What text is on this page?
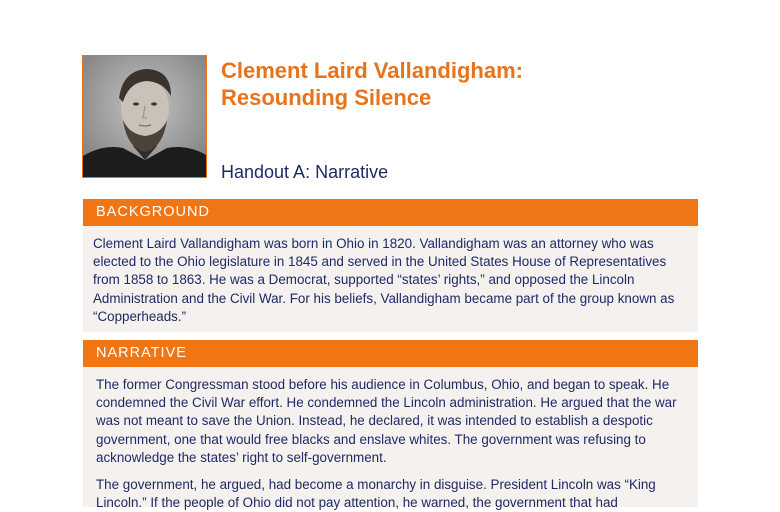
Clement Laird Vallandigham:
Resounding Silence
Handout A: Narrative
BACKGROUND

Clement Laird Vallandigham was born in Ohio in 1820. Vallandigham was an attorney who was elected to the Ohio legislature in 1845 and served in the United States House of Representatives from 1858 to 1863. He was a Democrat, supported “states’ rights,” and opposed the Lincoln Administration and the Civil War. For his beliefs, Vallandigham became part of the group known as “Copperheads.”

NARRATIVE

The former Congressman stood before his audience in Columbus, Ohio, and began to speak. He condemned the Civil War effort. He condemned the Lincoln administration. He argued that the war was not meant to save the Union. Instead, he declared, it was intended to establish a despotic government, one that would free blacks and enslave whites. The government was refusing to acknowledge the states’ right to self-government.

The government, he argued, had become a monarchy in disguise. President Lincoln was “King Lincoln.” If the people of Ohio did not pay attention, he warned, the government that had
